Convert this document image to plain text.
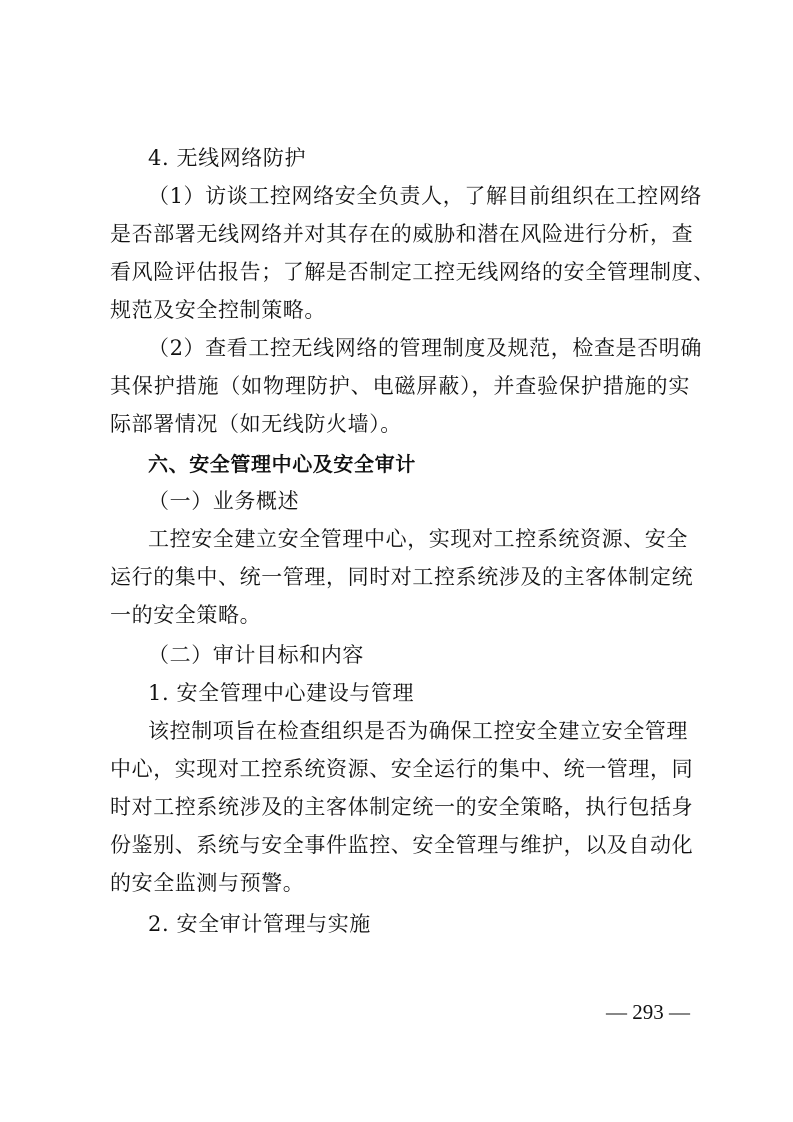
4. 无线网络防护
（1）访谈工控网络安全负责人，了解目前组织在工控网络
是否部署无线网络并对其存在的威胁和潜在风险进行分析，查
看风险评估报告；了解是否制定工控无线网络的安全管理制度、
规范及安全控制策略。
（2）查看工控无线网络的管理制度及规范，检查是否明确
其保护措施（如物理防护、电磁屏蔽），并查验保护措施的实
际部署情况（如无线防火墙）。
六、安全管理中心及安全审计
（一）业务概述
工控安全建立安全管理中心，实现对工控系统资源、安全
运行的集中、统一管理，同时对工控系统涉及的主客体制定统
一的安全策略。
（二）审计目标和内容
1. 安全管理中心建设与管理
该控制项旨在检查组织是否为确保工控安全建立安全管理
中心，实现对工控系统资源、安全运行的集中、统一管理，同
时对工控系统涉及的主客体制定统一的安全策略，执行包括身
份鉴别、系统与安全事件监控、安全管理与维护，以及自动化
的安全监测与预警。
2. 安全审计管理与实施
— 293 —
